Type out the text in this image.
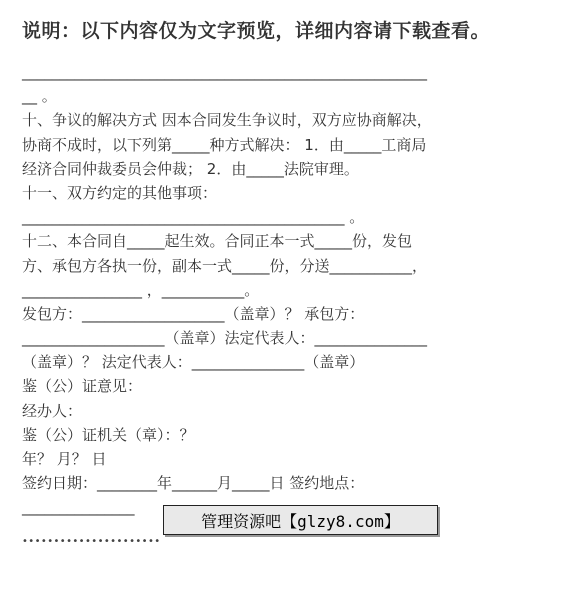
说明：以下内容仅为文字预览，详细内容请下载查看。
______________________________________________________
__ 。
十、争议的解决方式 因本合同发生争议时，双方应协商解决，
协商不成时，以下列第_____种方式解决： 1．由_____工商局
经济合同仲裁委员会仲裁； 2．由_____法院审理。
十一、双方约定的其他事项：
___________________________________________ 。
十二、本合同自_____起生效。合同正本一式_____份，发包
方、承包方各执一份，副本一式_____份，分送___________，
________________ ，___________。
发包方：___________________（盖章）？ 承包方：
___________________（盖章）法定代表人：_______________
（盖章）？ 法定代表人：_______________（盖章）
鉴（公）证意见：
经办人：
鉴（公）证机关（章）：？
年？ 月？ 日
签约日期：________年______月_____日 签约地点：
_______________
管理资源吧【glzy8.com】
••••••••••••••••••••••
